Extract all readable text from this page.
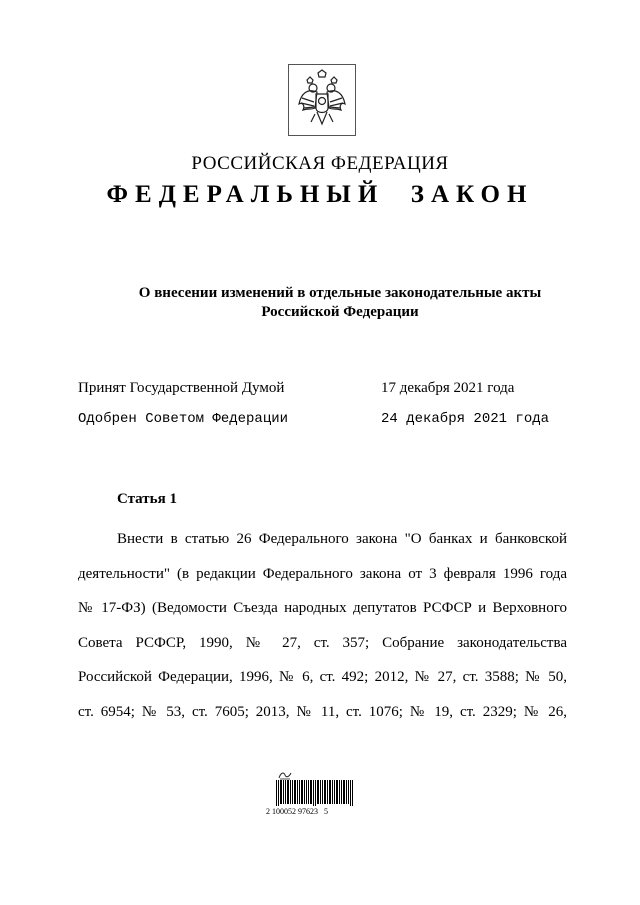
РОССИЙСКАЯ ФЕДЕРАЦИЯ
ФЕДЕРАЛЬНЫЙ  ЗАКОН
О внесении изменений в отдельные законодательные акты
Российской Федерации
Принят Государственной Думой	17 декабря 2021 года
Одобрен Советом Федерации	24 декабря 2021 года
Статья 1
Внести в статью 26 Федерального закона "О банках и банковской
деятельности" (в редакции Федерального закона от 3 февраля 1996 года
№ 17-ФЗ) (Ведомости Съезда народных депутатов РСФСР и Верховного
Совета РСФСР, 1990, № 27, ст. 357; Собрание законодательства
Российской Федерации, 1996, № 6, ст. 492; 2012, № 27, ст. 3588; № 50,
ст. 6954; № 53, ст. 7605; 2013, № 11, ст. 1076; № 19, ст. 2329; № 26,
2 100052 97623   5
